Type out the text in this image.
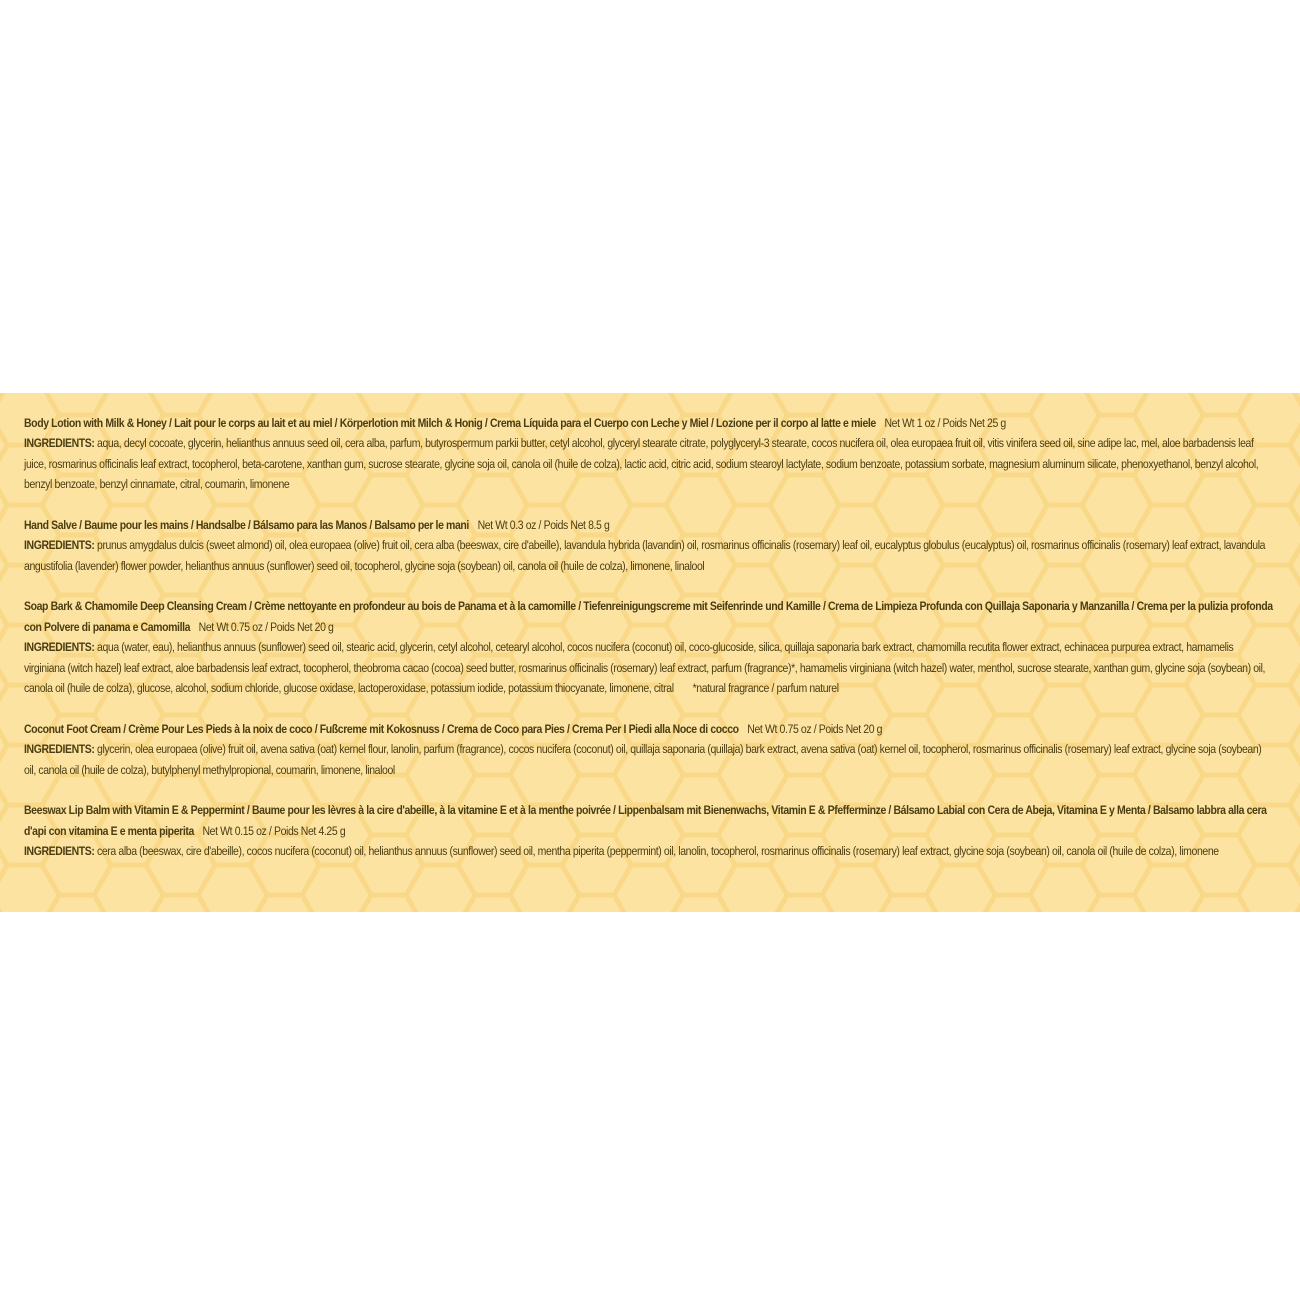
Body Lotion with Milk & Honey / Lait pour le corps au lait et au miel / Körperlotion mit Milch & Honig / Crema Líquida para el Cuerpo con Leche y Miel / Lozione per il corpo al latte e miele Net Wt 1 oz / Poids Net 25 g
INGREDIENTS: aqua, decyl cocoate, glycerin, helianthus annuus seed oil, cera alba, parfum, butyrospermum parkii butter, cetyl alcohol, glyceryl stearate citrate, polyglyceryl-3 stearate, cocos nucifera oil, olea europaea fruit oil, vitis vinifera seed oil, sine adipe lac, mel, aloe barbadensis leaf juice, rosmarinus officinalis leaf extract, tocopherol, beta-carotene, xanthan gum, sucrose stearate, glycine soja oil, canola oil (huile de colza), lactic acid, citric acid, sodium stearoyl lactylate, sodium benzoate, potassium sorbate, magnesium aluminum silicate, phenoxyethanol, benzyl alcohol, benzyl benzoate, benzyl cinnamate, citral, coumarin, limonene
Hand Salve / Baume pour les mains / Handsalbe / Bálsamo para las Manos / Balsamo per le mani Net Wt 0.3 oz / Poids Net 8.5 g
INGREDIENTS: prunus amygdalus dulcis (sweet almond) oil, olea europaea (olive) fruit oil, cera alba (beeswax, cire d'abeille), lavandula hybrida (lavandin) oil, rosmarinus officinalis (rosemary) leaf oil, eucalyptus globulus (eucalyptus) oil, rosmarinus officinalis (rosemary) leaf extract, lavandula angustifolia (lavender) flower powder, helianthus annuus (sunflower) seed oil, tocopherol, glycine soja (soybean) oil, canola oil (huile de colza), limonene, linalool
Soap Bark & Chamomile Deep Cleansing Cream / Crème nettoyante en profondeur au bois de Panama et à la camomille / Tiefenreinigungscreme mit Seifenrinde und Kamille / Crema de Limpieza Profunda con Quillaja Saponaria y Manzanilla / Crema per la pulizia profonda con Polvere di panama e Camomilla Net Wt 0.75 oz / Poids Net 20 g
INGREDIENTS: aqua (water, eau), helianthus annuus (sunflower) seed oil, stearic acid, glycerin, cetyl alcohol, cetearyl alcohol, cocos nucifera (coconut) oil, coco-glucoside, silica, quillaja saponaria bark extract, chamomilla recutita flower extract, echinacea purpurea extract, hamamelis virginiana (witch hazel) leaf extract, aloe barbadensis leaf extract, tocopherol, theobroma cacao (cocoa) seed butter, rosmarinus officinalis (rosemary) leaf extract, parfum (fragrance)*, hamamelis virginiana (witch hazel) water, menthol, sucrose stearate, xanthan gum, glycine soja (soybean) oil, canola oil (huile de colza), glucose, alcohol, sodium chloride, glucose oxidase, lactoperoxidase, potassium iodide, potassium thiocyanate, limonene, citral *natural fragrance / parfum naturel
Coconut Foot Cream / Crème Pour Les Pieds à la noix de coco / Fußcreme mit Kokosnuss / Crema de Coco para Pies / Crema Per I Piedi alla Noce di cocco Net Wt 0.75 oz / Poids Net 20 g
INGREDIENTS: glycerin, olea europaea (olive) fruit oil, avena sativa (oat) kernel flour, lanolin, parfum (fragrance), cocos nucifera (coconut) oil, quillaja saponaria (quillaja) bark extract, avena sativa (oat) kernel oil, tocopherol, rosmarinus officinalis (rosemary) leaf extract, glycine soja (soybean) oil, canola oil (huile de colza), butylphenyl methylpropional, coumarin, limonene, linalool
Beeswax Lip Balm with Vitamin E & Peppermint / Baume pour les lèvres à la cire d'abeille, à la vitamine E et à la menthe poivrée / Lippenbalsam mit Bienenwachs, Vitamin E & Pfefferminze / Bálsamo Labial con Cera de Abeja, Vitamina E y Menta / Balsamo labbra alla cera d'api con vitamina E e menta piperita Net Wt 0.15 oz / Poids Net 4.25 g
INGREDIENTS: cera alba (beeswax, cire d'abeille), cocos nucifera (coconut) oil, helianthus annuus (sunflower) seed oil, mentha piperita (peppermint) oil, lanolin, tocopherol, rosmarinus officinalis (rosemary) leaf extract, glycine soja (soybean) oil, canola oil (huile de colza), limonene
